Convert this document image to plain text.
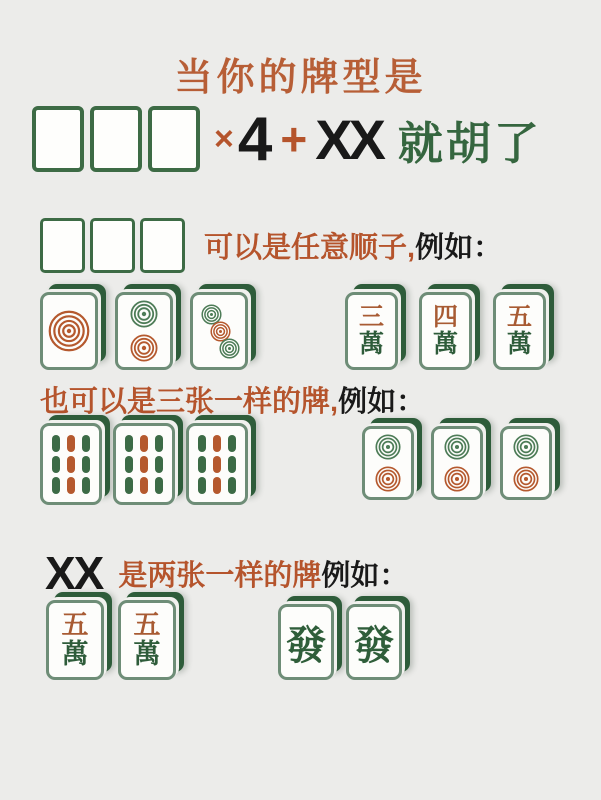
当你的牌型是
× 4 + XX 就胡了
可以是任意顺子, 例如：
三
萬
四
萬
五
萬
也可以是三张一样的牌, 例如：
XX 是两张一样的牌 例如：
五
萬
五
萬	發 發
